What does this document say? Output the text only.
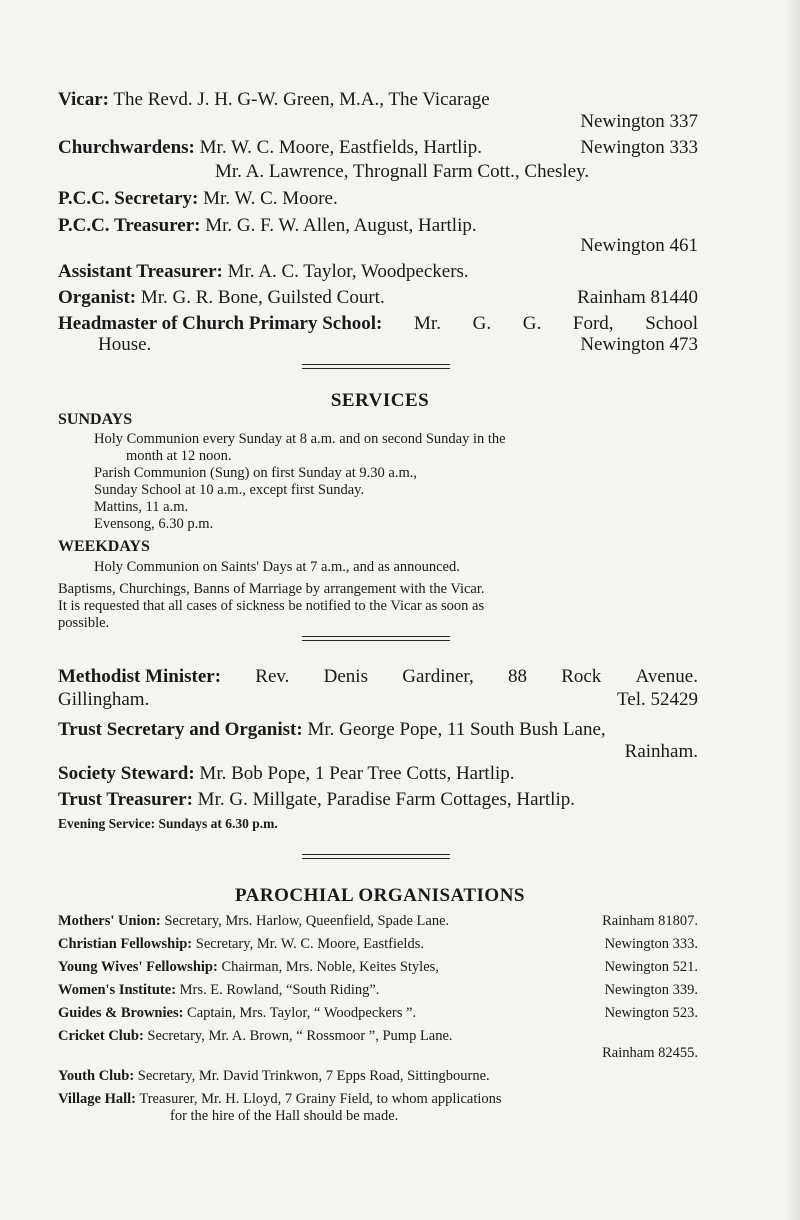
Vicar: The Revd. J. H. G-W. Green, M.A., The Vicarage
Newington 337
Churchwardens: Mr. W. C. Moore, Eastfields, Hartlip.	Newington 333
Mr. A. Lawrence, Thrognall Farm Cott., Chesley.
P.C.C. Secretary: Mr. W. C. Moore.
P.C.C. Treasurer: Mr. G. F. W. Allen, August, Hartlip.
Newington 461
Assistant Treasurer: Mr. A. C. Taylor, Woodpeckers.
Organist: Mr. G. R. Bone, Guilsted Court.	Rainham 81440
Headmaster of Church Primary School: Mr. G. G. Ford, School
House.	Newington 473
SERVICES
SUNDAYS
Holy Communion every Sunday at 8 a.m. and on second Sunday in the
month at 12 noon.
Parish Communion (Sung) on first Sunday at 9.30 a.m.,
Sunday School at 10 a.m., except first Sunday.
Mattins, 11 a.m.
Evensong, 6.30 p.m.
WEEKDAYS
Holy Communion on Saints' Days at 7 a.m., and as announced.
Baptisms, Churchings, Banns of Marriage by arrangement with the Vicar.
It is requested that all cases of sickness be notified to the Vicar as soon as
possible.
Methodist Minister: Rev. Denis Gardiner, 88 Rock Avenue.
Gillingham.	Tel. 52429
Trust Secretary and Organist: Mr. George Pope, 11 South Bush Lane,
Rainham.
Society Steward: Mr. Bob Pope, 1 Pear Tree Cotts, Hartlip.
Trust Treasurer: Mr. G. Millgate, Paradise Farm Cottages, Hartlip.
Evening Service: Sundays at 6.30 p.m.
PAROCHIAL ORGANISATIONS
Mothers' Union: Secretary, Mrs. Harlow, Queenfield, Spade Lane.	Rainham 81807.
Christian Fellowship: Secretary, Mr. W. C. Moore, Eastfields.	Newington 333.
Young Wives' Fellowship: Chairman, Mrs. Noble, Keites Styles,	Newington 521.
Women's Institute: Mrs. E. Rowland, “South Riding”.	Newington 339.
Guides & Brownies: Captain, Mrs. Taylor, “ Woodpeckers ”.	Newington 523.
Cricket Club: Secretary, Mr. A. Brown, “ Rossmoor ”, Pump Lane.
Rainham 82455.
Youth Club: Secretary, Mr. David Trinkwon, 7 Epps Road, Sittingbourne.
Village Hall: Treasurer, Mr. H. Lloyd, 7 Grainy Field, to whom applications
for the hire of the Hall should be made.
